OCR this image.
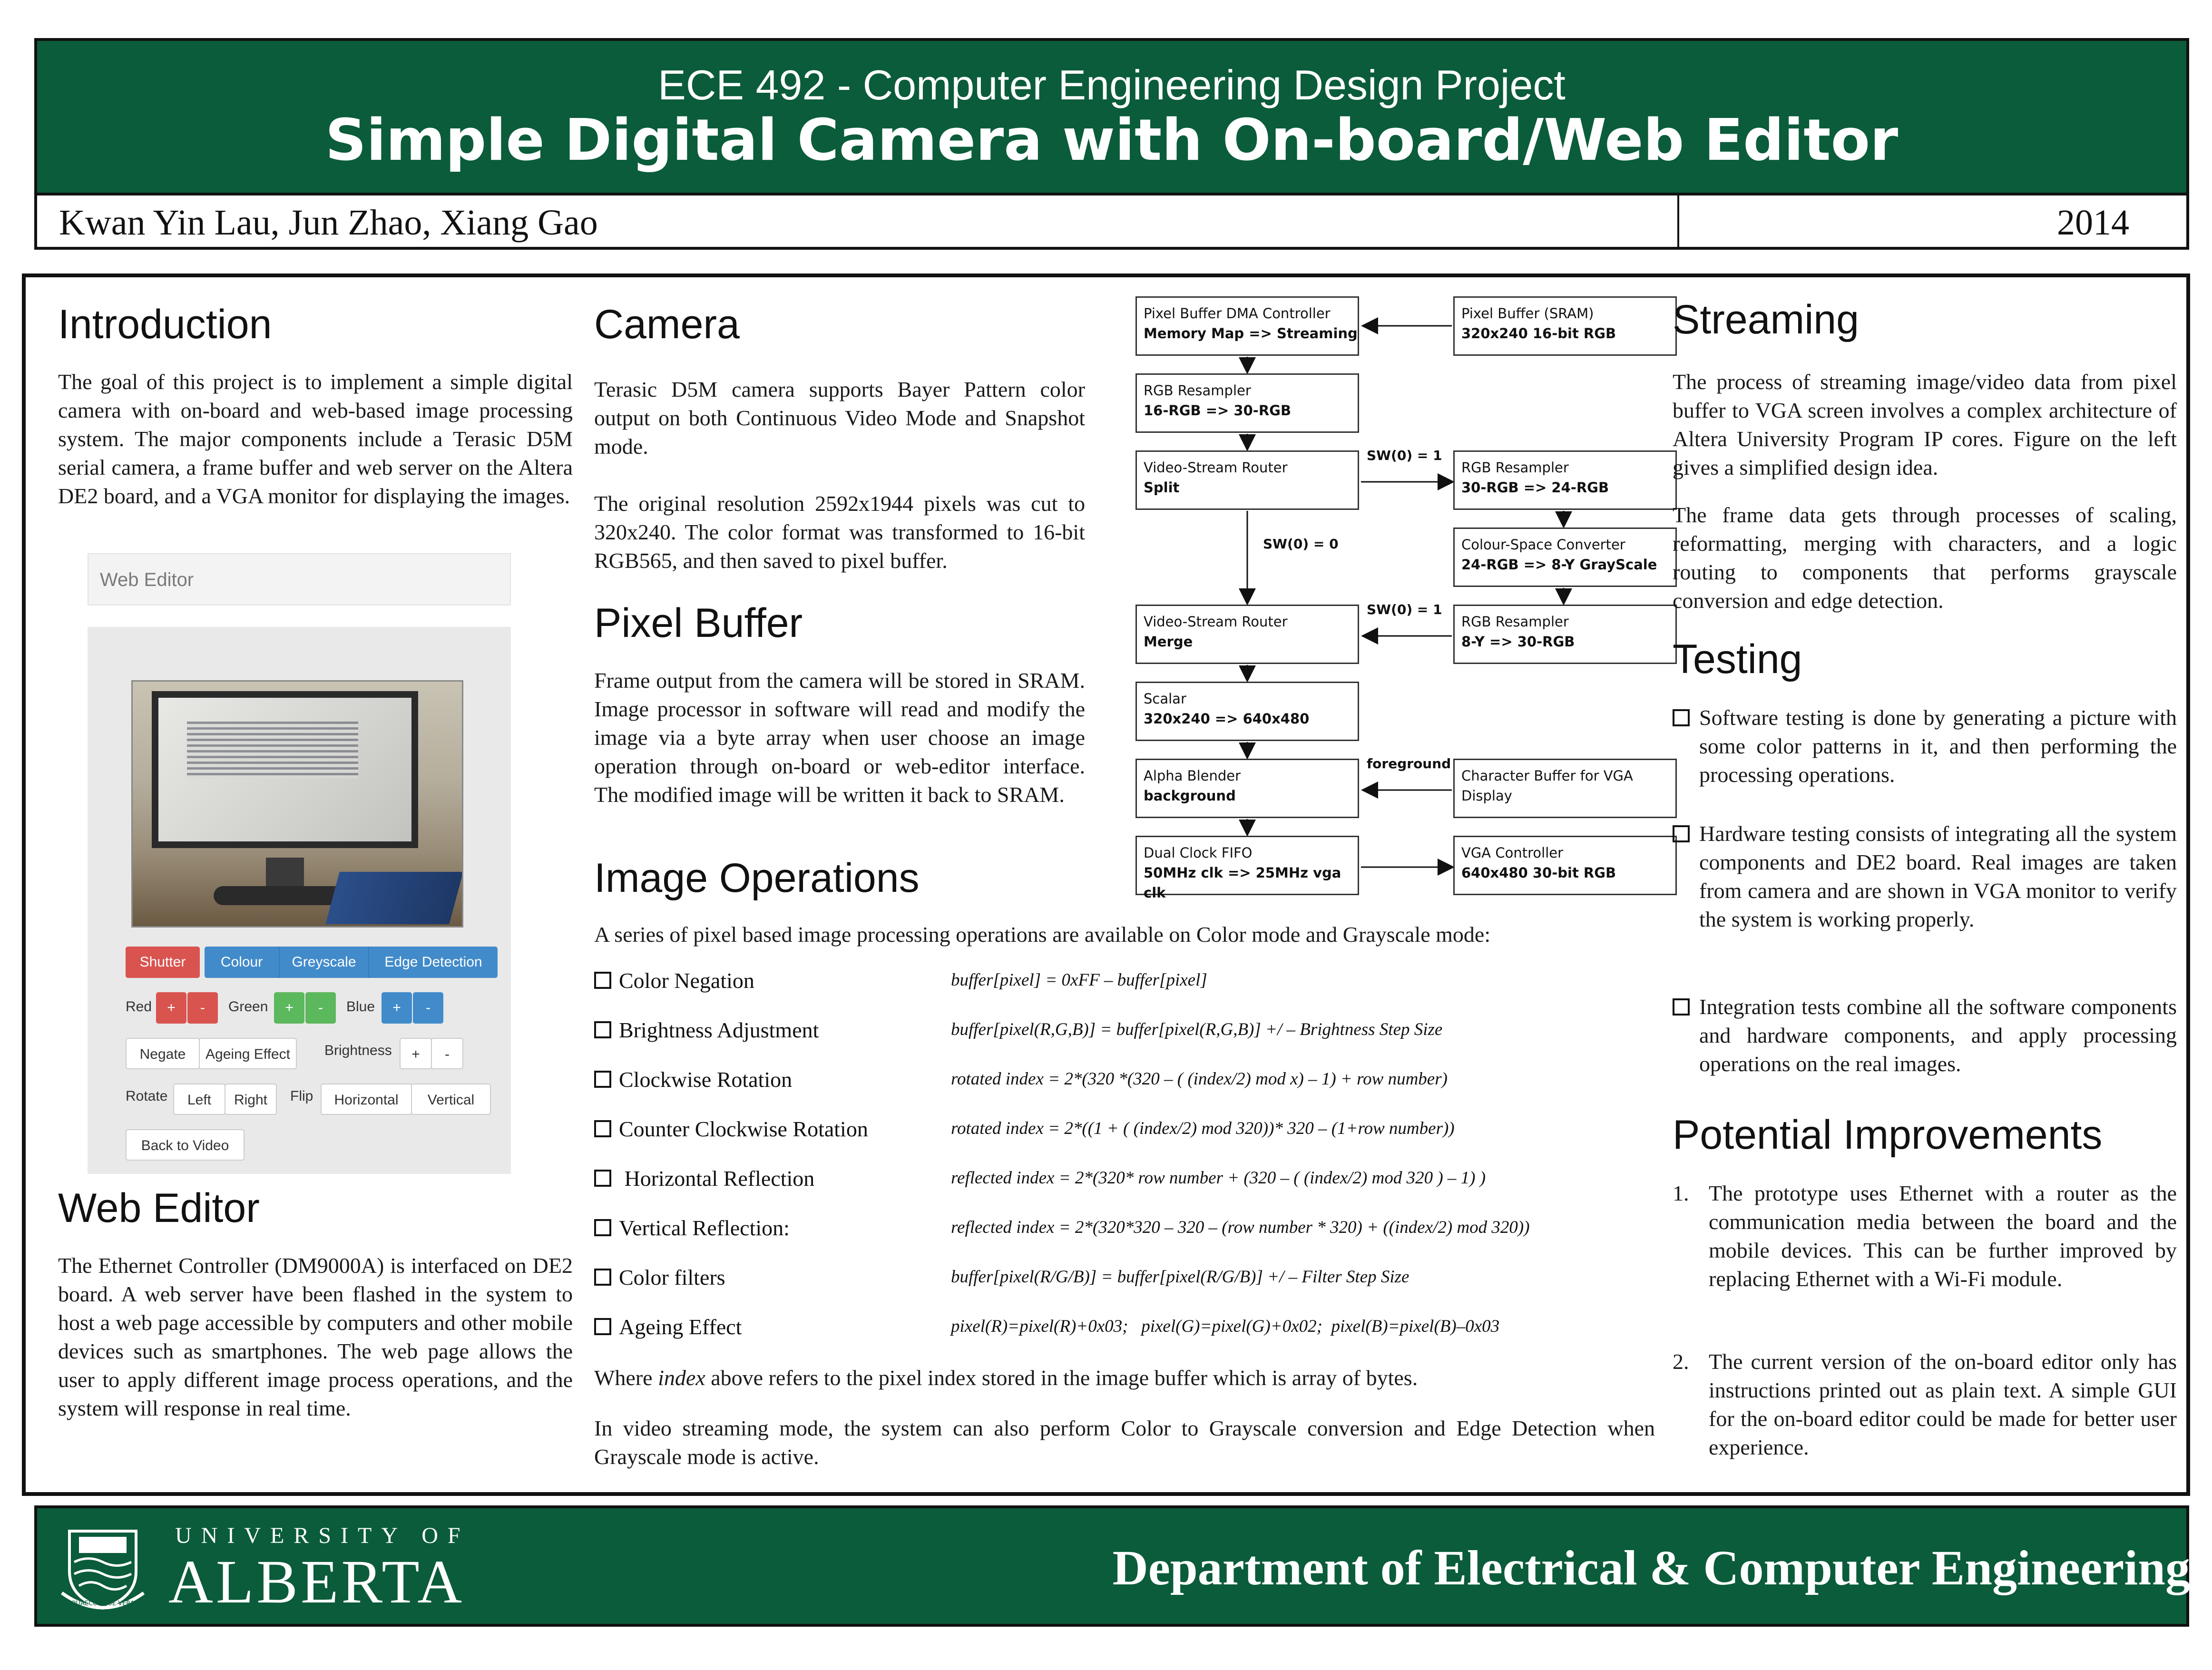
ECE 492 - Computer Engineering Design Project
Simple Digital Camera with On-board/Web Editor
Kwan Yin Lau, Jun Zhao, Xiang Gao	2014
Introduction

The goal of this project is to implement a simple digital camera with on-board and web-based image processing system. The major components include a Terasic D5M serial camera, a frame buffer and web server on the Altera DE2 board, and a VGA monitor for displaying the images.

Web Editor
Shutter	Colour	Greyscale	Edge Detection
Red	+	-	Green	+	-	Blue	+	-
Negate	Ageing Effect	Brightness	+	-
Rotate	Left	Right	Flip	Horizontal	Vertical
Back to Video
Web Editor

The Ethernet Controller (DM9000A) is interfaced on DE2 board. A web server have been flashed in the system to host a web page accessible by computers and other mobile devices such as smartphones. The web page allows the user to apply different image process operations, and the system will response in real time.

Camera

Terasic D5M camera supports Bayer Pattern color output on both Continuous Video Mode and Snapshot mode.

The original resolution 2592x1944 pixels was cut to 320x240. The color format was transformed to 16-bit RGB565, and then saved to pixel buffer.

Pixel Buffer

Frame output from the camera will be stored in SRAM. Image processor in software will read and modify the image via a byte array when user choose an image operation through on-board or web-editor interface. The modified image will be written it back to SRAM.

Pixel Buffer DMA Controller
Memory Map => Streaming
Pixel Buffer (SRAM)
320x240 16-bit RGB
RGB Resampler
16-RGB => 30-RGB
Video-Stream Router
Split
RGB Resampler
30-RGB => 24-RGB
Colour-Space Converter
24-RGB => 8-Y GrayScale
Video-Stream Router
Merge
RGB Resampler
8-Y => 30-RGB
Scalar
320x240 => 640x480
Alpha Blender
background
Character Buffer for VGA
Display
Dual Clock FIFO
50MHz clk => 25MHz vga clk
VGA Controller
640x480 30-bit RGB
SW(0) = 1
SW(0) = 0
SW(0) = 1
foreground
Image Operations

A series of pixel based image processing operations are available on Color mode and Grayscale mode:

Color Negation	buffer[pixel] = 0xFF – buffer[pixel]
Brightness Adjustment	buffer[pixel(R,G,B)] = buffer[pixel(R,G,B)] +/ – Brightness Step Size
Clockwise Rotation	rotated index = 2*(320 *(320 – ( (index/2) mod x) – 1) + row number)
Counter Clockwise Rotation	rotated index = 2*((1 + ( (index/2) mod 320))* 320 – (1+row number))
Horizontal Reflection	reflected index = 2*(320* row number + (320 – ( (index/2) mod 320 ) – 1) )
Vertical Reflection:	reflected index = 2*(320*320 – 320 – (row number * 320) + ((index/2) mod 320))
Color filters	buffer[pixel(R/G/B)] = buffer[pixel(R/G/B)] +/ – Filter Step Size
Ageing Effect	pixel(R)=pixel(R)+0x03;   pixel(G)=pixel(G)+0x02;  pixel(B)=pixel(B)–0x03

Where index above refers to the pixel index stored in the image buffer which is array of bytes.

In video streaming mode, the system can also perform Color to Grayscale conversion and Edge Detection when Grayscale mode is active.

Streaming

The process of streaming image/video data from pixel buffer to VGA screen involves a complex architecture of Altera University Program IP cores. Figure on the left gives a simplified design idea.

The frame data gets through processes of scaling, reformatting, merging with characters, and a logic routing to components that performs grayscale conversion and edge detection.

Testing
Software testing is done by generating a picture with some color patterns in it, and then performing the processing operations.
Hardware testing consists of integrating all the system components and DE2 board. Real images are taken from camera and are shown in VGA monitor to verify the system is working properly.
Integration tests combine all the software components and hardware components, and apply processing operations on the real images.
Potential Improvements
1. The prototype uses Ethernet with a router as the communication media between the board and the mobile devices. This can be further improved by replacing Ethernet with a Wi-Fi module.
2. The current version of the on-board editor only has instructions printed out as plain text. A simple GUI for the on-board editor could be made for better user experience.
QUAECUMQUE VERA
UNIVERSITY OF
ALBERTA	Department of Electrical & Computer Engineering
